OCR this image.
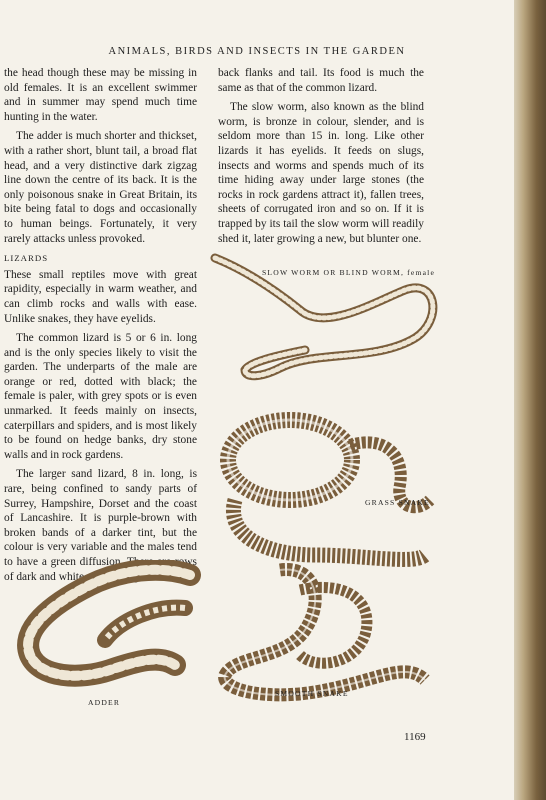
ANIMALS, BIRDS AND INSECTS IN THE GARDEN

the head though these may be missing in old females. It is an excellent swimmer and in summer may spend much time hunting in the water.

The adder is much shorter and thickset, with a rather short, blunt tail, a broad flat head, and a very distinctive dark zigzag line down the centre of its back. It is the only poisonous snake in Great Britain, its bite being fatal to dogs and occasionally to human beings. Fortunately, it very rarely attacks unless provoked.

LIZARDS

These small reptiles move with great rapidity, especially in warm weather, and can climb rocks and walls with ease. Unlike snakes, they have eyelids.

The common lizard is 5 or 6 in. long and is the only species likely to visit the garden. The underparts of the male are orange or red, dotted with black; the female is paler, with grey spots or is even unmarked. It feeds mainly on insects, caterpillars and spiders, and is most likely to be found on hedge banks, dry stone walls and in rock gardens.

The larger sand lizard, 8 in. long, is rare, being confined to sandy parts of Surrey, Hampshire, Dorset and the coast of Lancashire. It is purple-brown with broken bands of a darker tint, but the colour is very variable and the males tend to have a green diffusion. There are rows of dark and white spots along the

back flanks and tail. Its food is much the same as that of the common lizard.

The slow worm, also known as the blind worm, is bronze in colour, slender, and is seldom more than 15 in. long. Like other lizards it has eyelids. It feeds on slugs, insects and worms and spends much of its time hiding away under large stones (the rocks in rock gardens attract it), fallen trees, sheets of corrugated iron and so on. If it is trapped by its tail the slow worm will readily shed it, later growing a new, but blunter one.

SLOW WORM OR BLIND WORM, female
GRASS SNAKE
SMOOTH SNAKE
ADDER
1169
